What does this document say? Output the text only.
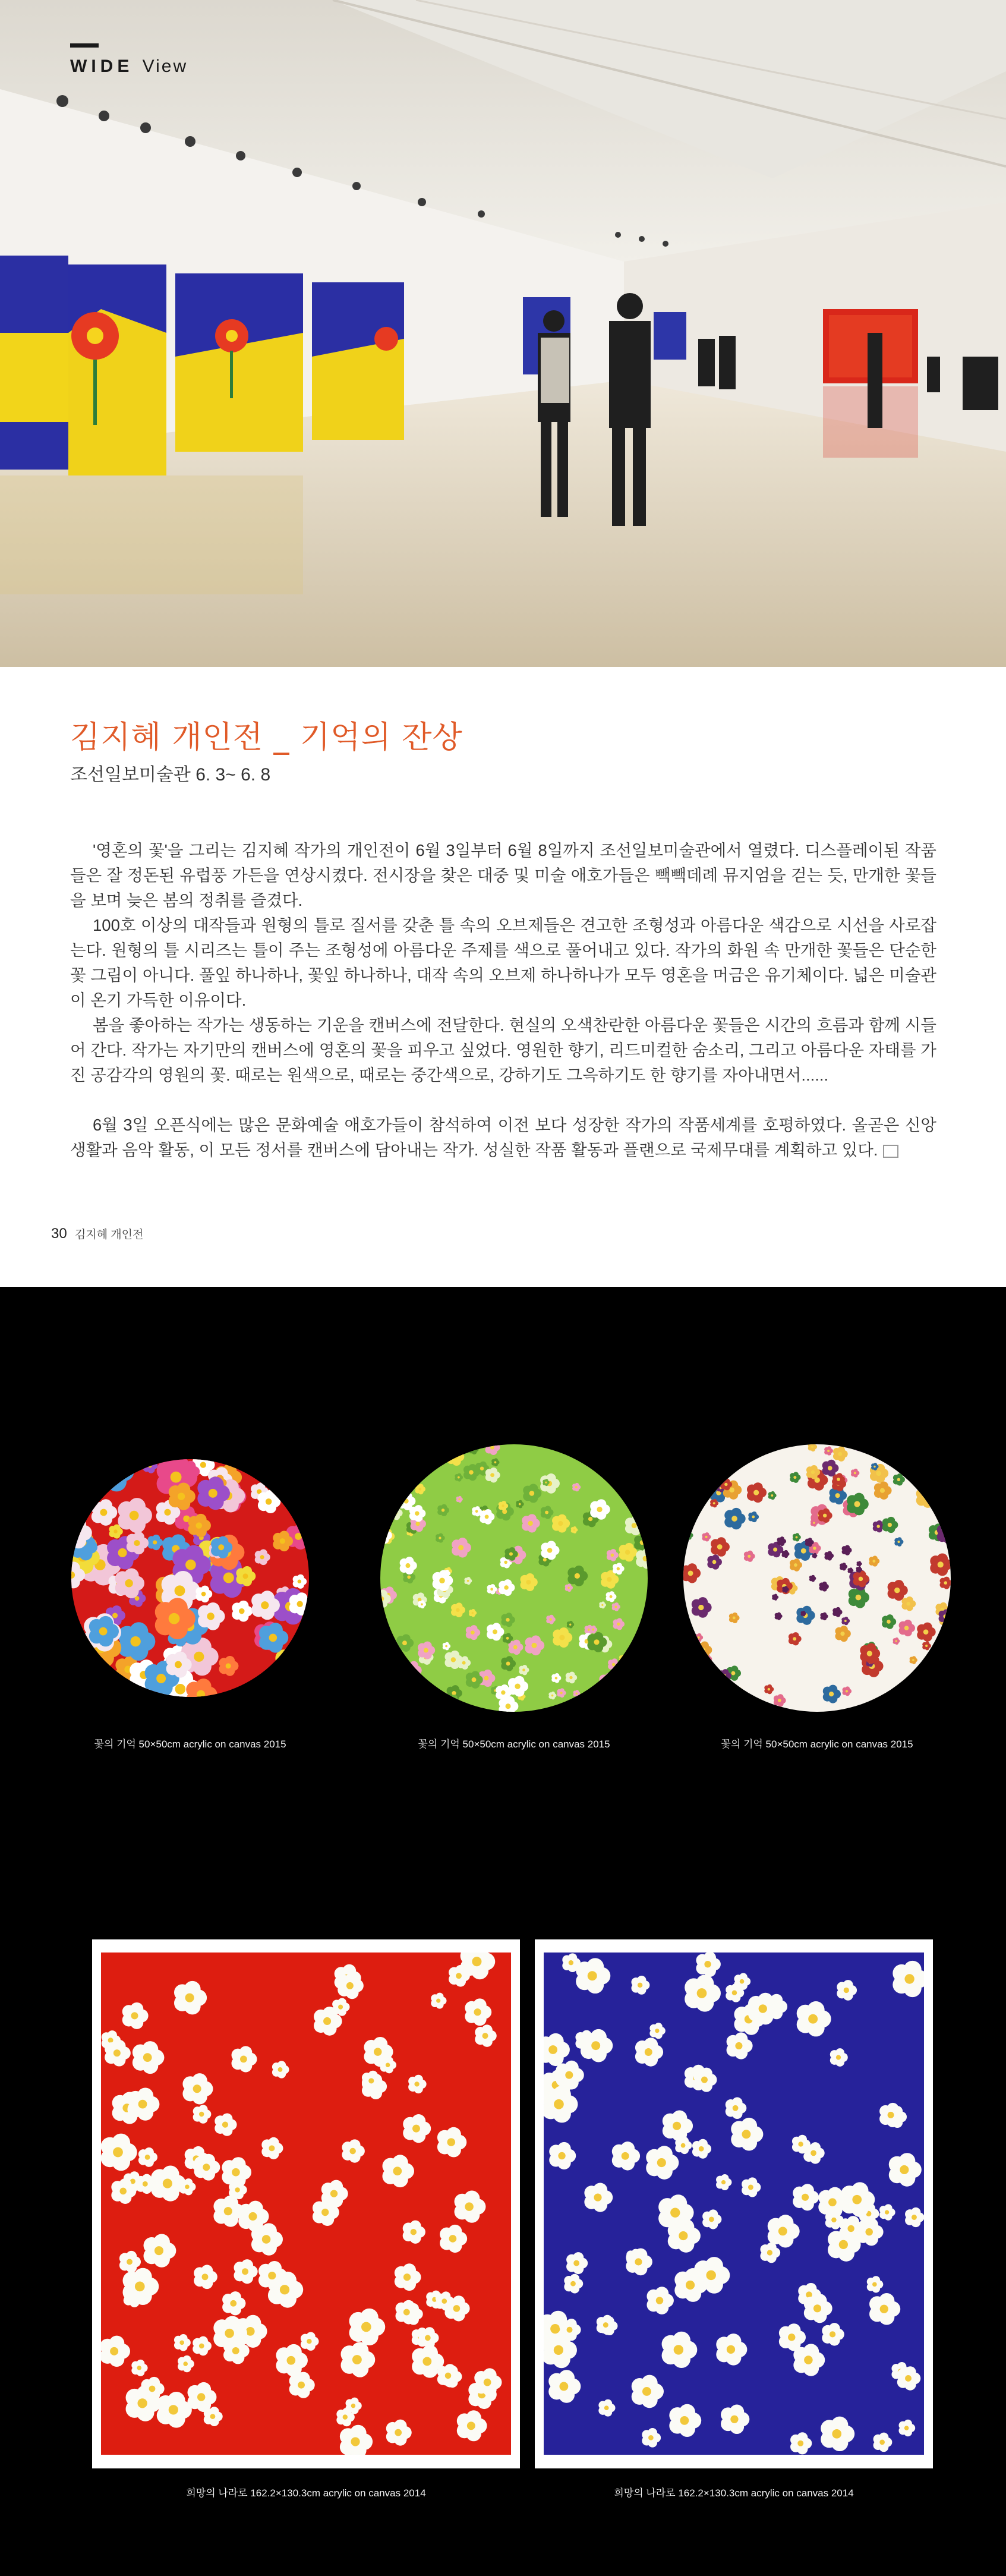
WIDE View
김지혜 개인전 _ 기억의 잔상
조선일보미술관 6. 3~ 6. 8

'영혼의 꽃'을 그리는 김지혜 작가의 개인전이 6월 3일부터 6월 8일까지 조선일보미술관에서 열렸다. 디스플레이된 작품들은 잘 정돈된 유럽풍 가든을 연상시켰다. 전시장을 찾은 대중 및 미술 애호가들은 빽빽데례 뮤지엄을 걷는 듯, 만개한 꽃들을 보며 늦은 봄의 정취를 즐겼다.

100호 이상의 대작들과 원형의 틀로 질서를 갖춘 틀 속의 오브제들은 견고한 조형성과 아름다운 색감으로 시선을 사로잡는다. 원형의 틀 시리즈는 틀이 주는 조형성에 아름다운 주제를 색으로 풀어내고 있다. 작가의 화원 속 만개한 꽃들은 단순한 꽃 그림이 아니다. 풀잎 하나하나, 꽃잎 하나하나, 대작 속의 오브제 하나하나가 모두 영혼을 머금은 유기체이다. 넓은 미술관이 온기 가득한 이유이다.

봄을 좋아하는 작가는 생동하는 기운을 캔버스에 전달한다. 현실의 오색찬란한 아름다운 꽃들은 시간의 흐름과 함께 시들어 간다. 작가는 자기만의 캔버스에 영혼의 꽃을 피우고 싶었다. 영원한 향기, 리드미컬한 숨소리, 그리고 아름다운 자태를 가진 공감각의 영원의 꽃. 때로는 원색으로, 때로는 중간색으로, 강하기도 그윽하기도 한 향기를 자아내면서......

6월 3일 오픈식에는 많은 문화예술 애호가들이 참석하여 이전 보다 성장한 작가의 작품세계를 호평하였다. 올곧은 신앙생활과 음악 활동, 이 모든 정서를 캔버스에 담아내는 작가. 성실한 작품 활동과 플랜으로 국제무대를 계획하고 있다.

30 김지혜 개인전
꽃의 기억 50×50cm acrylic on canvas 2015	꽃의 기억 50×50cm acrylic on canvas 2015	꽃의 기억 50×50cm acrylic on canvas 2015
희망의 나라로 162.2×130.3cm acrylic on canvas 2014	희망의 나라로 162.2×130.3cm acrylic on canvas 2014
